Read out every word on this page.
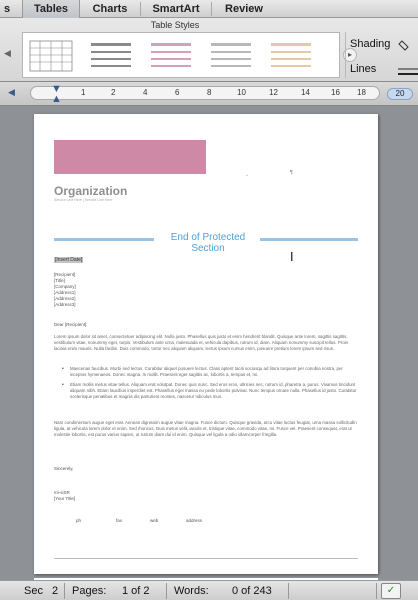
s	Tables	Charts	SmartArt	Review
Table Styles
◀	▸
Shading
Lines
◀	▼
▲
1	2	4	6	8	10	12	14	16 18	20
→	¶
Organization
Service Line Here | Service Line Here
End of Protected Section
I
[Insert Date]
[Recipient]
[Title]
[Company]
[Address1]
[Address2]
[Address3]
Dear [Recipient]:
Lorem ipsum dolor sit amet, consectetuer adipiscing elit. Nulla justo. Phasellus quis justo et enim hendrerit blandit. Quisque ante lorem, sagittis sagittis, vestibulum vitae, nonummy eget, turpis. Vestibulum ante urna, malesuada et, vehicula dapibus, rutrum id, diam. Aliquam nonummy suscipit tellus. Proin lacinia enim mauris. Nulla facilisi. Duis commodo, tortor nec aliquam aliquam, lectus ipsum cursus enim, posuere pretium lorem ipsum sed risus.
• Maecenas faucibus. Morbi sed lectus. Curabitur aliquet posuere lectus. Class aptent taciti sociosqu ad litora torquent per conubia nostra, per inceptos hymenaeos. Donec magna. In mollit. Praesent eget sagittis ac, lobortis a, tempus et, mi.
• Etiam mollis metus vitae tellus. Aliquam erat volutpat. Donec quis nunc. Sed eros eros, ultricies nec, rutrum id, pharetra a, purus. Vivamus tincidunt aliquam nibh. Etiam faucibus imperdiet est. Phasellus eget massa eu pede lobortis pulvinar. Nunc tempus ornare nulla. Phasellus id justo. Curabitur scelerisque penatibus et magnis dis parturient montes, nascetur ridiculus mus.
Nam condimentum augue eget erat. Aenean dignissim augue vitae magna. Fusce dictum. Quisque gravida, arcu vitae luctus feugiat, urna massa sollicitudin ligula, at vehicula lorem dolor et enim. Sed rhoncus. Duis metus velit, iaculis et, tristique vitae, commodo vitae, mi. Fusce vel. Praesent consequat, erat ut molestie lobortis, est purus varius sapien, ut rutrum diam dui id enim. Quisque vel ligula a odio ullamcorper fringilla.
Sincerely,
mi-siSR
[Your Title]
ph	fax	web	address
Sec 2 Pages: 1 of 2 Words: 0 of 243	✓
